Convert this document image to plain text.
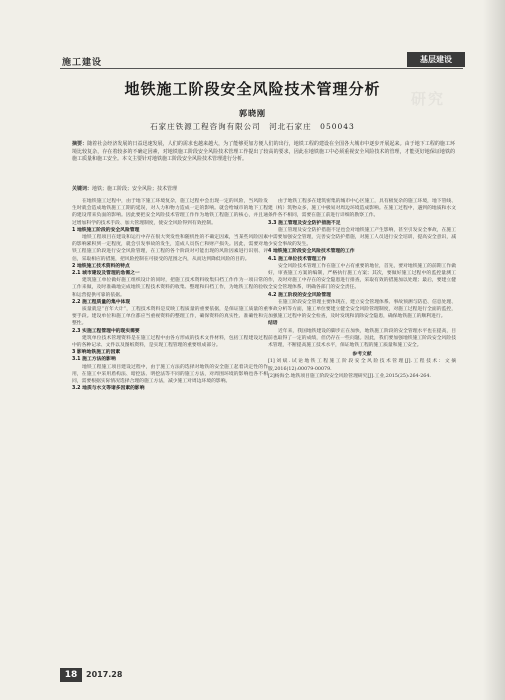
施工建设	基层建设
研究
地铁施工阶段安全风险技术管理分析
郭晓刚
石家庄铁源工程咨询有限公司　河北石家庄　050043
摘要：随着社会经济发展的日益迅速发展，人们的需求也越来越大，为了能够更加方便人们的出行，地铁工程的建设在全国各大城市中逐步开展起来。由于地下工程的施工环境比较复杂，存在着较多的不确定因素，对地铁施工阶段安全风险技术管理工作提出了较高的要求，因此在地铁施工中必须重视安全风险技术的管理，才能更好地保证地铁的施工质量和施工安全。本文主要针对地铁施工阶段安全风险技术管理进行分析。
关键词：地铁；施工阶段；安全风险；技术管理

在地铁施工过程中，由于地下施工环境复杂，施工过程中会出现一定的风险，当风险发生时就会造成地铁施工工期的延误，对人力和物力造成一定的影响。就会给城市的地下工程的建设带来负面的影响。因此要把安全风险技术管理工作作为地铁工程施工的核心，并且通过增加科学的技术手段、加大管理制度，使安全风险得到有效控制。

1 地铁施工阶段的安全风险管理

地铁工程项目在建设和运行中存在很大突发性和随机性的不确定因素，当某些风险因素的影响累积到一定程度，就会引发事故的发生，造成人员伤亡和财产损失。因此，需要对地铁工程施工阶段进行安全风险管理，在工程的各个阶段对可能出现的风险因素进行识别、评估，采取相应的措施，把风险控制在可接受的范围之内，从而达到降低风险的目的。

2 地铁施工技术资料的特点

2.1 城市建设及管理的急需之一

建筑施工单位做好施工组织设计的同时，把施工技术资料收集归档工作作为一项日常的工作来做，及时准确地完成地铁工程技术资料的收集、整理和归档工作，为地铁工程的验收和运营提供可靠的依据。

2.2 施工程质量的集中体现

质量就是“百年大计”，工程技术资料是反映工程质量的重要依据，是保证施工质量的重要手段。建设单位和施工单位都应当重视资料的整理工作，确保资料的真实性、准确性和完整性。

2.3 实施工程管理中的现实需要

建筑单位技术管理资料是在施工过程中由各方形成的技术文件材料，包括工程建设过程中的各种记录、文件以及图纸资料，是实现工程管理的重要组成部分。

3 影响地铁施工的因素

3.1 施工方法的影响

地铁工程施工项目建设过程中，由于施工方法的选择对地铁的安全施工起着决定性的作用，在施工中采用盾构法、暗挖法、明挖法等不同的施工方法，对周围环境的影响也各不相同，需要根据实际情况选择合理的施工方法，减少施工对周边环境的影响。

3.2 地质与水文等诸多因素的影响

由于地铁工程多在建筑密集的城市中心区施工，具有极复杂的施工环境，地下管线、建（构）筑物众多，施工中极易对周边环境造成影响。在施工过程中，遇到的地质和水文条件各不相同，需要在施工前进行详细的勘察工作。

3.3 施工管理及安全防护措施不足

施工管理及安全防护措施不足也会对地铁施工产生影响，甚至引发安全事故，在施工中需要加强安全管理，完善安全防护措施，对施工人员进行安全培训，提高安全意识，减少安全事故的发生。

4 地铁施工阶段安全风险技术管理的工作

4.1 施工单位技术管理工作

安全风险技术管理工作在施工中占有重要的地位，首先，要对地铁施工的前期工作做好，审查施工方案的编制，严格执行施工方案；其次，要做好施工过程中的监控量测工作，及时对施工中存在的安全隐患进行排查，采取有效的措施加以处理；最后，要建立健全安全管理体系，明确各部门的安全责任。

4.2 施工阶段的安全风险管理

在施工阶段安全管理主要体现在，建立安全管理体系、事故预测与防范、信息处理、事故分析等方面，施工单位要建立健全安全风险管理制度，对施工过程进行全面的监控，加强施工过程中的安全检查，及时发现和消除安全隐患，确保地铁施工的顺利进行。

结语

近年来，我国地铁建设的脚步正在加快，地铁施工阶段的安全管理水平也在提高，目前也取得了一定的成绩，但仍存在一些问题。因此，我们要加强地铁施工阶段安全风险技术管理，不断提高施工技术水平，保证地铁工程的施工质量和施工安全。

参考文献

[1]刘斌.试论地铁工程施工阶段安全风险技术管理[J].工程技术：文摘版,2016(12):00079-00079.

[2]杨海全.地铁项目施工阶段安全风险管理研究[J].工业,2015(25):264-264.

18	2017.28
